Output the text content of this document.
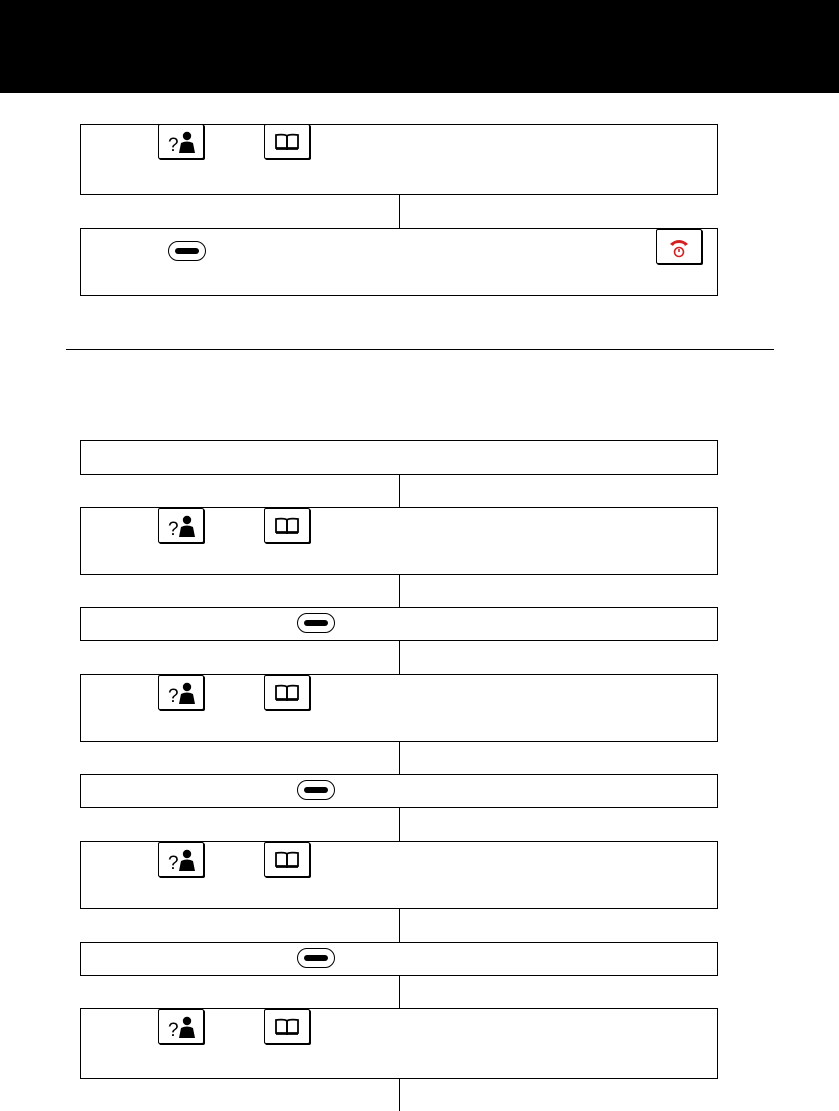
?
?
?
?
?
